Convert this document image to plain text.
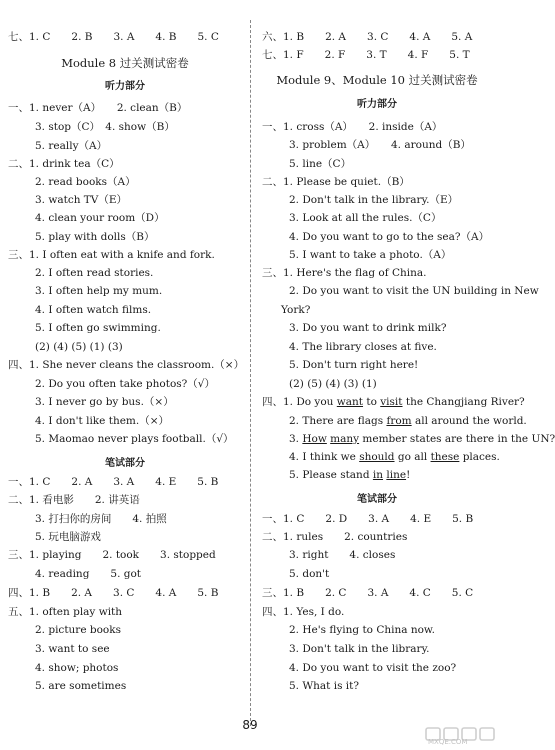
七、1. C　　2. B　　3. A　　4. B　　5. C
Module 8 过关测试密卷
听力部分
一、1. never（A）　　2. clean（B）
3. stop（C）　4. show（B）
5. really（A）
二、1. drink tea（C）
2. read books（A）
3. watch TV（E）
4. clean your room（D）
5. play with dolls（B）
三、1. I often eat with a knife and fork.
2. I often read stories.
3. I often help my mum.
4. I often watch films.
5. I often go swimming.
(2) (4) (5) (1) (3)
四、1. She never cleans the classroom.（×）
2. Do you often take photos?（√）
3. I never go by bus.（×）
4. I don't like them.（×）
5. Maomao never plays football.（√）
笔试部分
一、1. C　　2. A　　3. A　　4. E　　5. B
二、1. 看电影　　2. 讲英语
3. 打扫你的房间　　4. 拍照
5. 玩电脑游戏
三、1. playing　　2. took　　3. stopped
4. reading　　5. got
四、1. B　　2. A　　3. C　　4. A　　5. B
五、1. often play with
2. picture books
3. want to see
4. show; photos
5. are sometimes
六、1. B　　2. A　　3. C　　4. A　　5. A
七、1. F　　2. F　　3. T　　4. F　　5. T
Module 9、Module 10 过关测试密卷
听力部分
一、1. cross（A）　　2. inside（A）
3. problem（A）　　4. around（B）
5. line（C）
二、1. Please be quiet.（B）
2. Don't talk in the library.（E）
3. Look at all the rules.（C）
4. Do you want to go to the sea?（A）
5. I want to take a photo.（A）
三、1. Here's the flag of China.
2. Do you want to visit the UN building in New
York?
3. Do you want to drink milk?
4. The library closes at five.
5. Don't turn right here!
(2) (5) (4) (3) (1)
四、1. Do you want to visit the Changjiang River?
2. There are flags from all around the world.
3. How many member states are there in the UN?
4. I think we should go all these places.
5. Please stand in line!
笔试部分
一、1. C　　2. D　　3. A　　4. E　　5. B
二、1. rules　　2. countries
3. right　　4. closes
5. don't
三、1. B　　2. C　　3. A　　4. C　　5. C
四、1. Yes, I do.
2. He's flying to China now.
3. Don't talk in the library.
4. Do you want to visit the zoo?
5. What is it?
89
MXQE.COM
